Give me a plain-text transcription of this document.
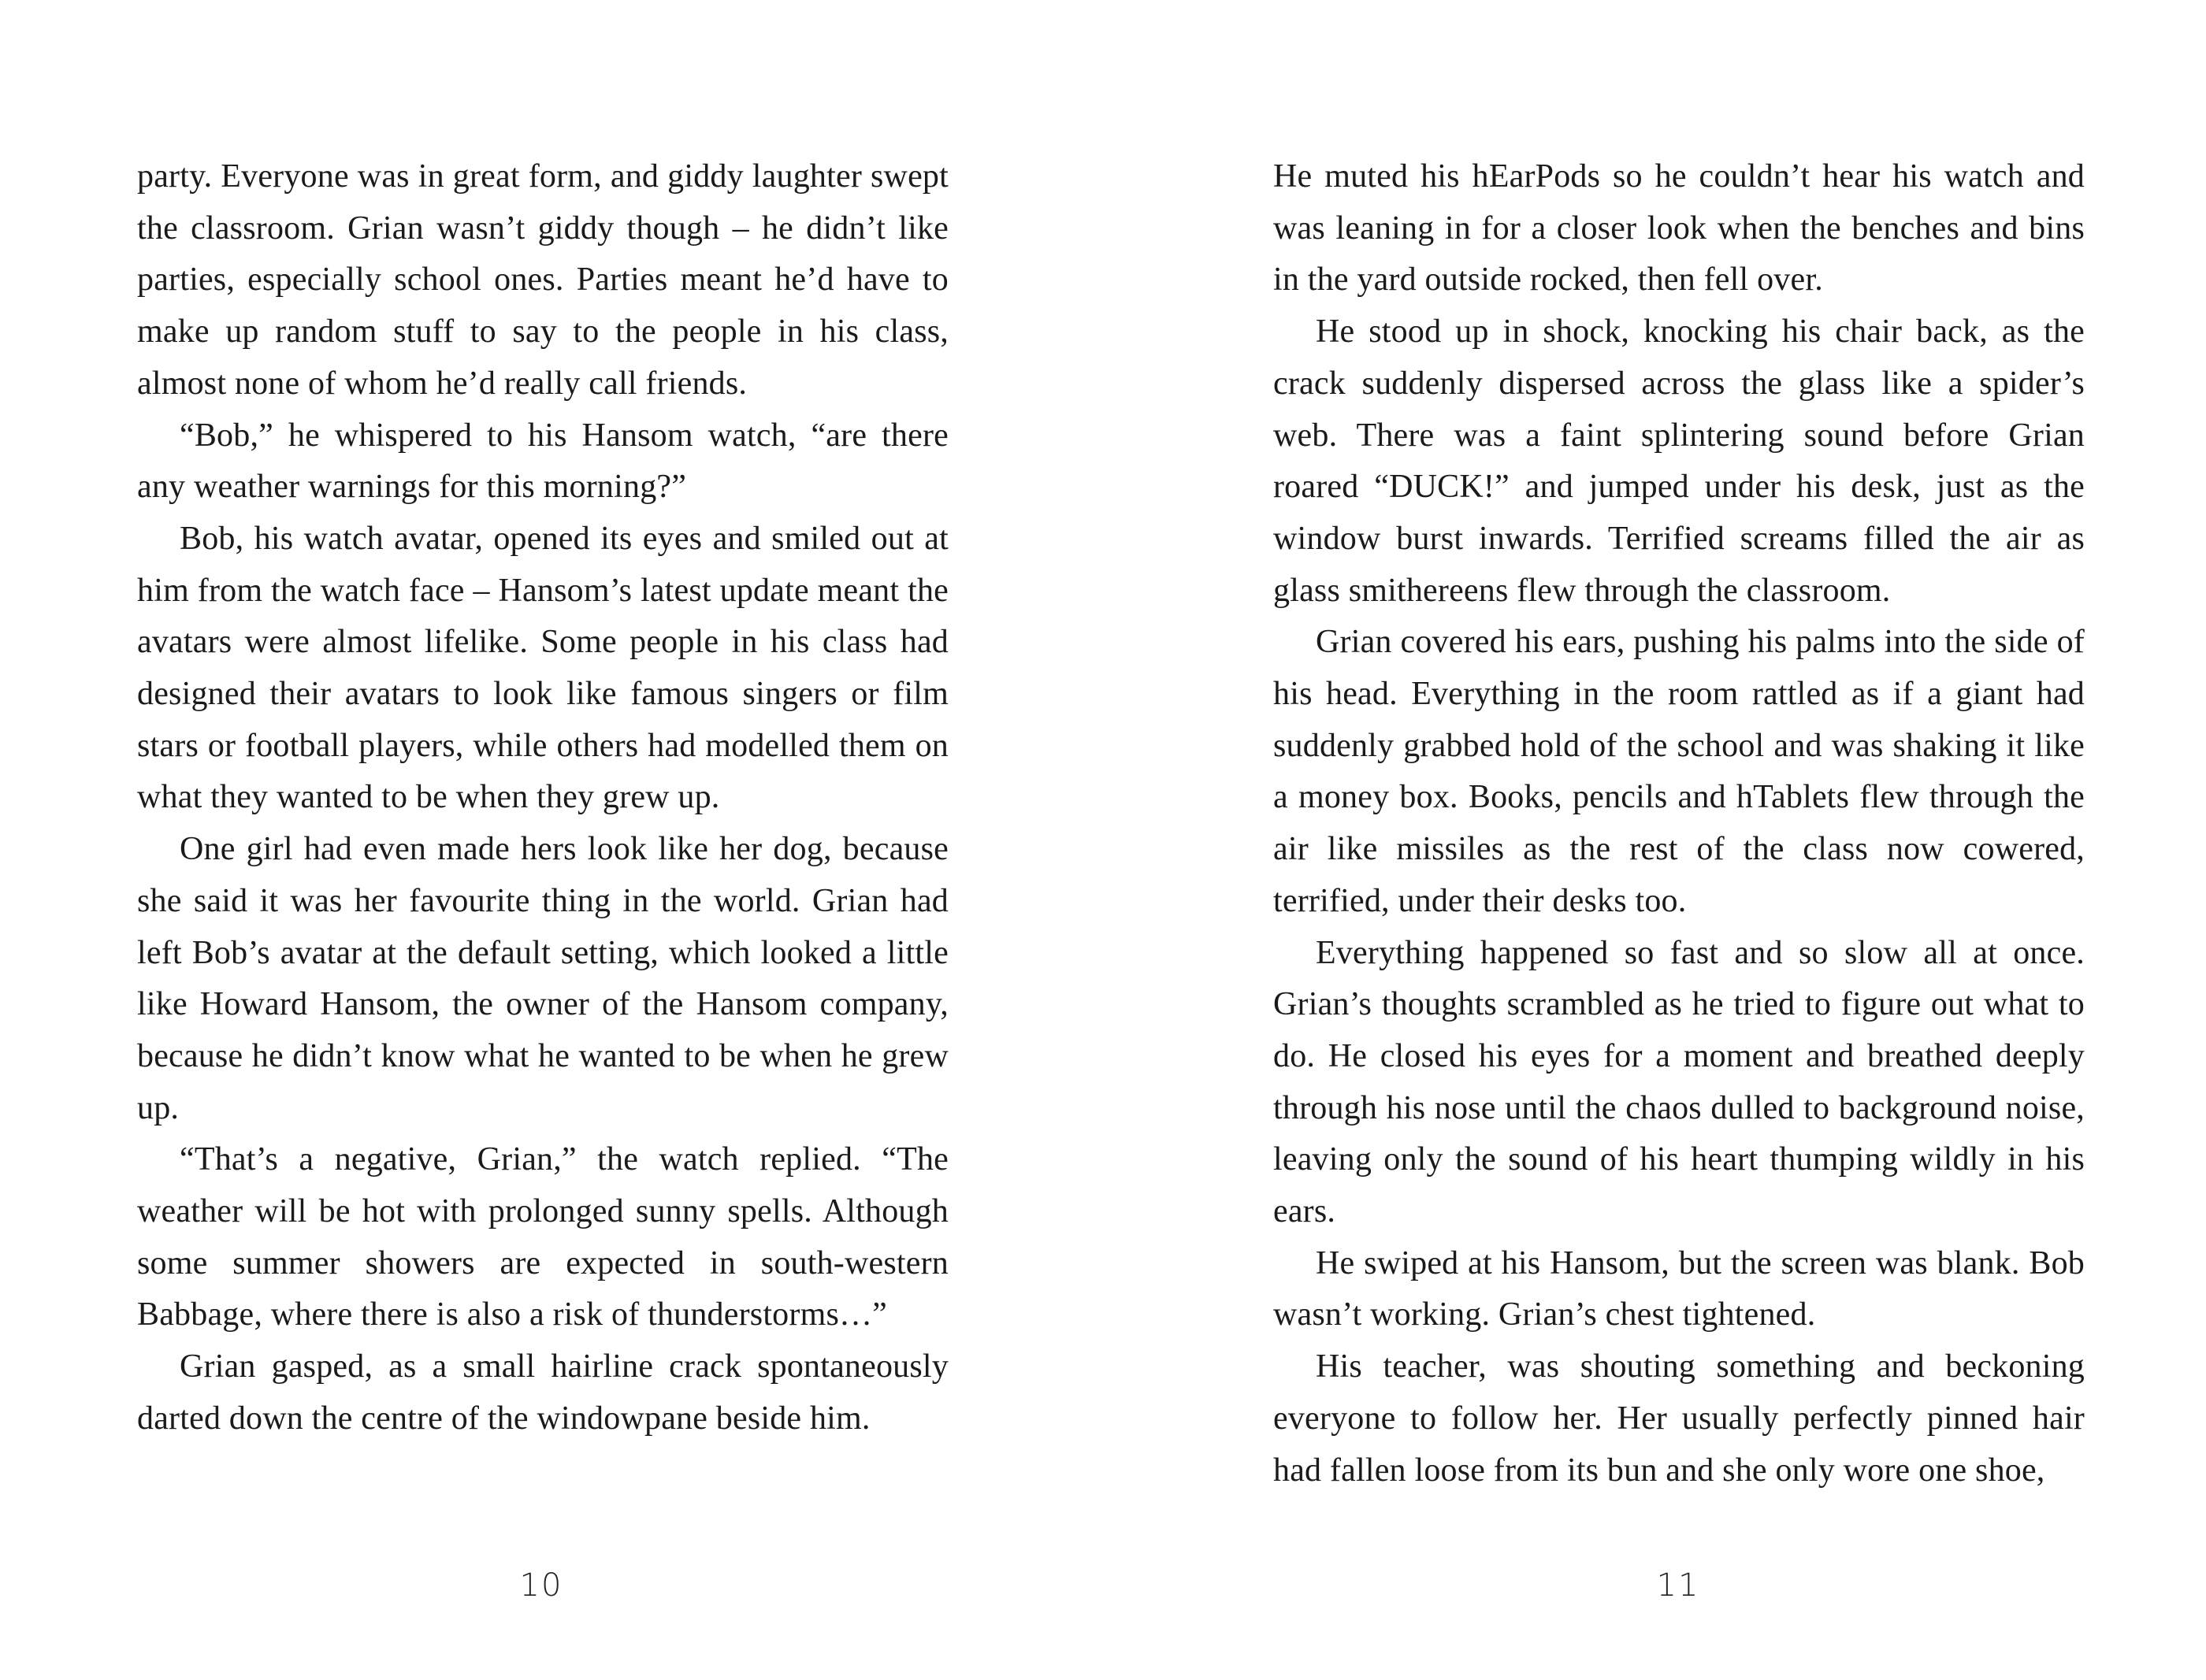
party. Everyone was in great form, and giddy laughter swept the classroom. Grian wasn’t giddy though – he didn’t like parties, especially school ones. Parties meant he’d have to make up random stuff to say to the people in his class, almost none of whom he’d really call friends.

“Bob,” he whispered to his Hansom watch, “are there any weather warnings for this morning?”

Bob, his watch avatar, opened its eyes and smiled out at him from the watch face – Hansom’s latest update meant the avatars were almost lifelike. Some people in his class had designed their avatars to look like famous singers or film stars or football players, while others had modelled them on what they wanted to be when they grew up.

One girl had even made hers look like her dog, because she said it was her favourite thing in the world. Grian had left Bob’s avatar at the default setting, which looked a little like Howard Hansom, the owner of the Hansom company, because he didn’t know what he wanted to be when he grew up.

“That’s a negative, Grian,” the watch replied. “The weather will be hot with prolonged sunny spells. Although some summer showers are expected in south-western Babbage, where there is also a risk of thunderstorms…”

Grian gasped, as a small hairline crack spontaneously darted down the centre of the windowpane beside him.

10

He muted his hEarPods so he couldn’t hear his watch and was leaning in for a closer look when the benches and bins in the yard outside rocked, then fell over.

He stood up in shock, knocking his chair back, as the crack suddenly dispersed across the glass like a spider’s web. There was a faint splintering sound before Grian roared “DUCK!” and jumped under his desk, just as the window burst inwards. Terrified screams filled the air as glass smithereens flew through the classroom.

Grian covered his ears, pushing his palms into the side of his head. Everything in the room rattled as if a giant had suddenly grabbed hold of the school and was shaking it like a money box. Books, pencils and hTablets flew through the air like missiles as the rest of the class now cowered, terrified, under their desks too.

Everything happened so fast and so slow all at once. Grian’s thoughts scrambled as he tried to figure out what to do. He closed his eyes for a moment and breathed deeply through his nose until the chaos dulled to background noise, leaving only the sound of his heart thumping wildly in his ears.

He swiped at his Hansom, but the screen was blank. Bob wasn’t working. Grian’s chest tightened.

His teacher, was shouting something and beckoning everyone to follow her. Her usually perfectly pinned hair had fallen loose from its bun and she only wore one shoe,

11
